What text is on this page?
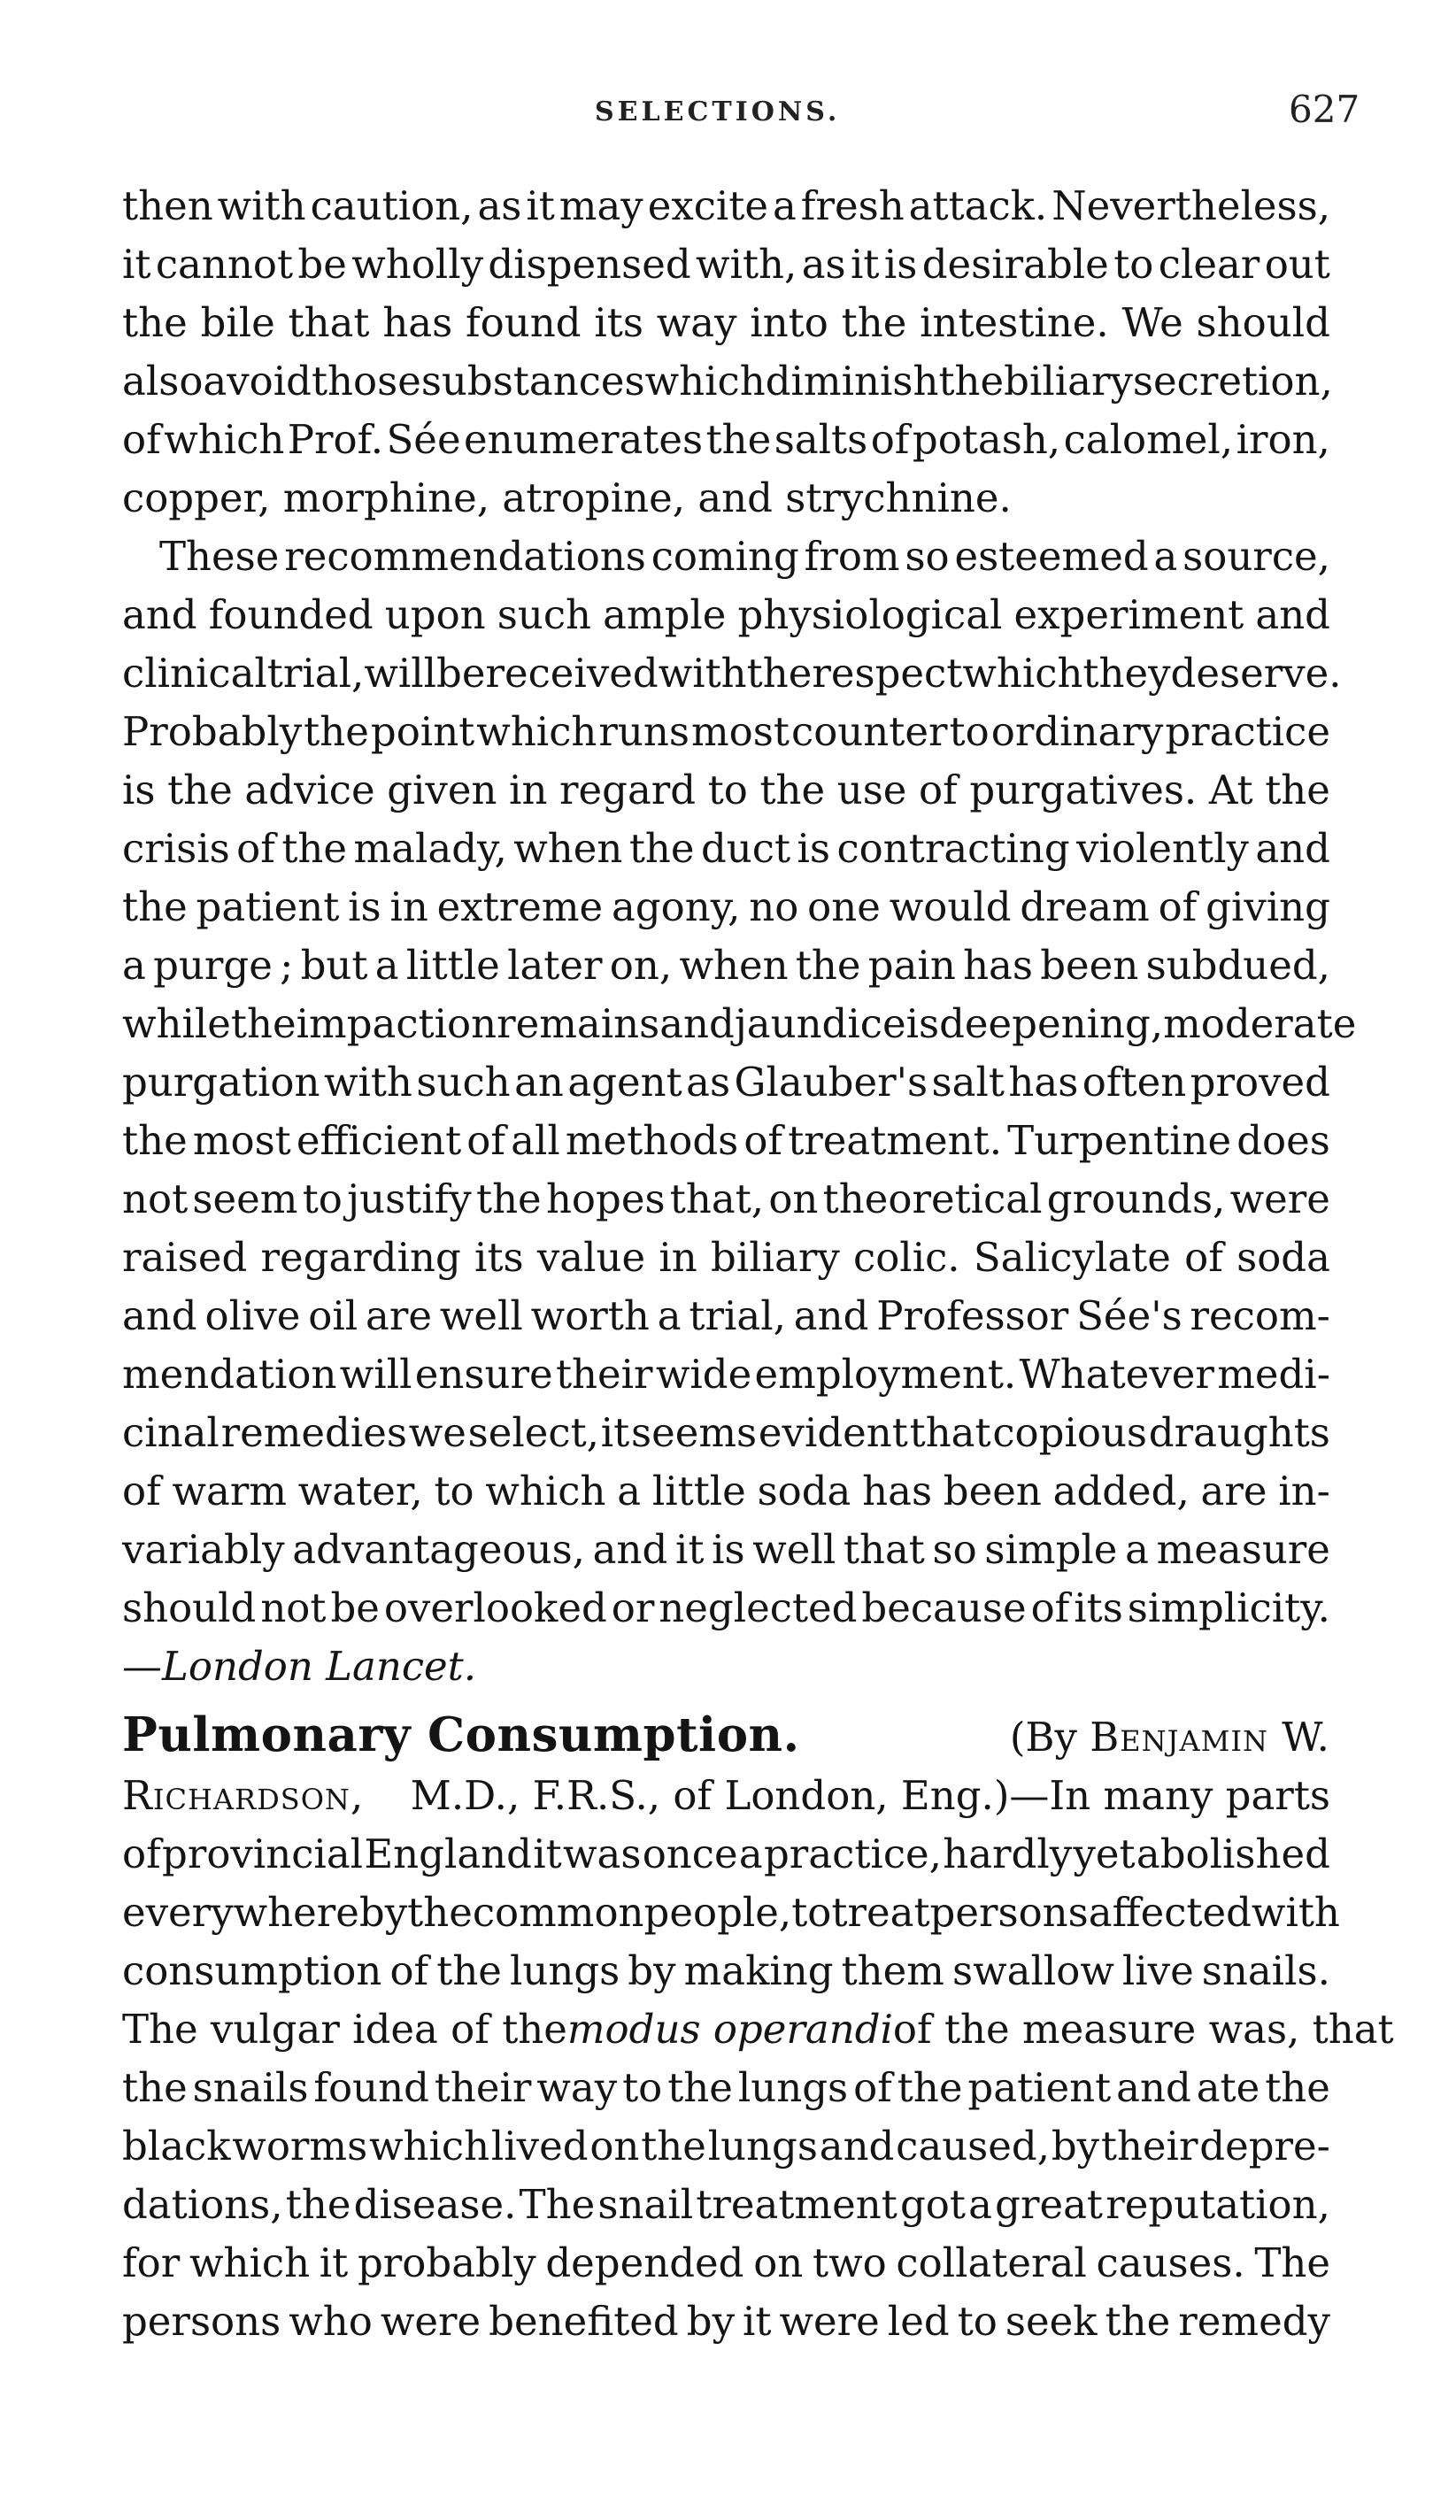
SELECTIONS.	627
then with caution, as it may excite a fresh attack. Nevertheless,
it cannot be wholly dispensed with, as it is desirable to clear out
the bile that has found its way into the intestine. We should
also avoid those substances which diminish the biliary secretion,
of which Prof. Sée enumerates the salts of potash, calomel, iron,
copper, morphine, atropine, and strychnine.
These recommendations coming from so esteemed a source,
and founded upon such ample physiological experiment and
clinical trial, will be received with the respect which they deserve.
Probably the point which runs most counter to ordinary practice
is the advice given in regard to the use of purgatives. At the
crisis of the malady, when the duct is contracting violently and
the patient is in extreme agony, no one would dream of giving
a purge ; but a little later on, when the pain has been subdued,
while the impaction remains and jaundice is deepening, moderate
purgation with such an agent as Glauber's salt has often proved
the most efficient of all methods of treatment. Turpentine does
not seem to justify the hopes that, on theoretical grounds, were
raised regarding its value in biliary colic. Salicylate of soda
and olive oil are well worth a trial, and Professor Sée's recom-
mendation will ensure their wide employment. Whatever medi-
cinal remedies we select, it seems evident that copious draughts
of warm water, to which a little soda has been added, are in-
variably advantageous, and it is well that so simple a measure
should not be overlooked or neglected because of its simplicity.
—London Lancet.
Pulmonary Consumption.	(By Benjamin W.
Richardson, M.D., F.R.S., of London, Eng.)—In many parts
of provincial England it was once a practice, hardly yet abolished
everywhere by the common people, to treat persons affected with
consumption of the lungs by making them swallow live snails.
The vulgar idea of the modus operandi of the measure was, that
the snails found their way to the lungs of the patient and ate the
black worms which lived on the lungs and caused, by their depre-
dations, the disease. The snail treatment got a great reputation,
for which it probably depended on two collateral causes. The
persons who were benefited by it were led to seek the remedy
